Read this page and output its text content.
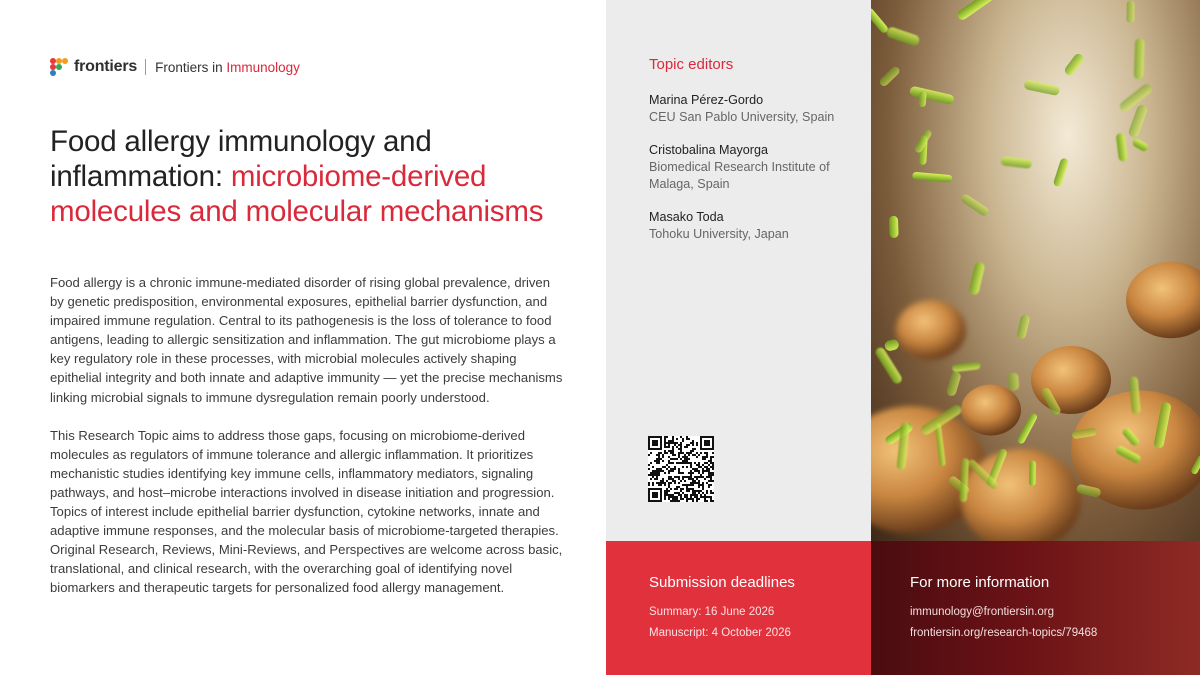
frontiers Frontiers in Immunology
Food allergy immunology and inflammation: microbiome-derived molecules and molecular mechanisms

Food allergy is a chronic immune-mediated disorder of rising global prevalence, driven by genetic predisposition, environmental exposures, epithelial barrier dysfunction, and impaired immune regulation. Central to its pathogenesis is the loss of tolerance to food antigens, leading to allergic sensitization and inflammation. The gut microbiome plays a key regulatory role in these processes, with microbial molecules actively shaping epithelial integrity and both innate and adaptive immunity — yet the precise mechanisms linking microbial signals to immune dysregulation remain poorly understood.

This Research Topic aims to address those gaps, focusing on microbiome-derived molecules as regulators of immune tolerance and allergic inflammation. It prioritizes mechanistic studies identifying key immune cells, inflammatory mediators, signaling pathways, and host–microbe interactions involved in disease initiation and progression. Topics of interest include epithelial barrier dysfunction, cytokine networks, innate and adaptive immune responses, and the molecular basis of microbiome-targeted therapies. Original Research, Reviews, Mini-Reviews, and Perspectives are welcome across basic, translational, and clinical research, with the overarching goal of identifying novel biomarkers and therapeutic targets for personalized food allergy management.

Topic editors
Marina Pérez-Gordo
CEU San Pablo University, Spain
Cristobalina Mayorga
Biomedical Research Institute of Malaga, Spain
Masako Toda
Tohoku University, Japan
Submission deadlines
Summary: 16 June 2026
Manuscript: 4 October 2026
For more information
immunology@frontiersin.org
frontiersin.org/research-topics/79468
